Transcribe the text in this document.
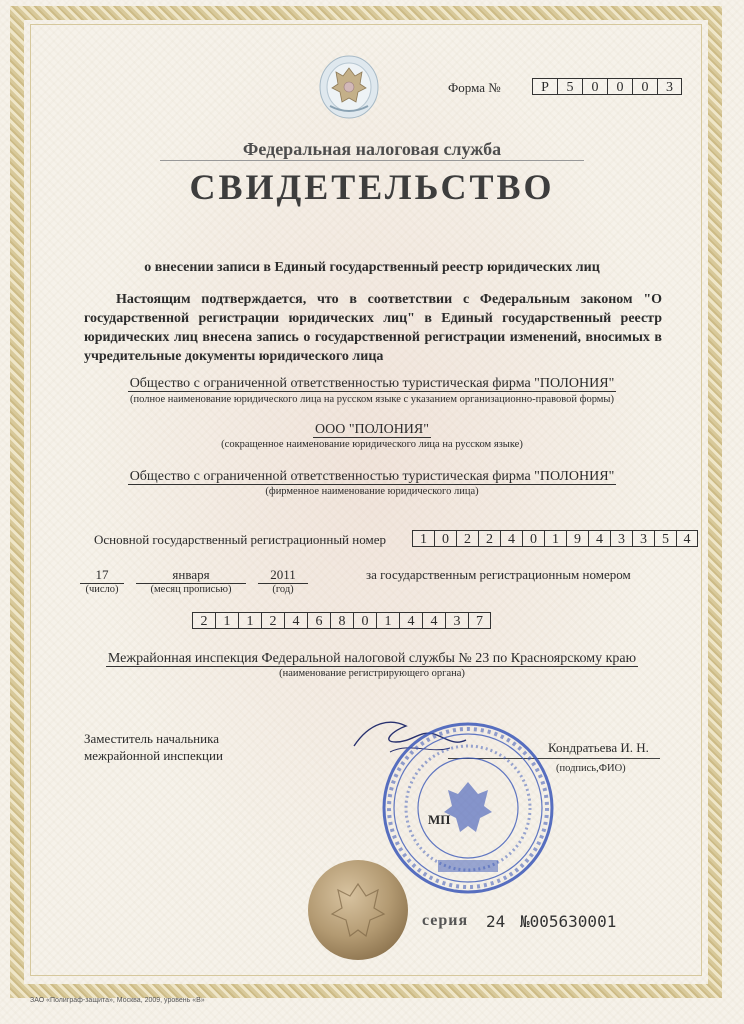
Форма №	Р	5	0	0	0	3
Федеральная налоговая служба
СВИДЕТЕЛЬСТВО
о внесении записи в Единый государственный реестр юридических лиц
Настоящим подтверждается, что в соответствии с Федеральным законом "О государственной регистрации юридических лиц" в Единый государственный реестр юридических лиц внесена запись о государственной регистрации изменений, вносимых в учредительные документы юридического лица
Общество с ограниченной ответственностью туристическая фирма "ПОЛОНИЯ"
(полное наименование юридического лица на русском языке с указанием организационно-правовой формы)
ООО "ПОЛОНИЯ"
(сокращенное наименование юридического лица на русском языке)
Общество с ограниченной ответственностью туристическая фирма "ПОЛОНИЯ"
(фирменное наименование юридического лица)
Основной государственный регистрационный номер	1	0	2	2	4	0	1	9	4	3	3	5	4
17
(число)
января
(месяц прописью)
2011
(год)
за государственным регистрационным номером
2	1	1	2	4	6	8	0	1	4	4	3	7
Межрайонная инспекция Федеральной налоговой службы № 23 по Красноярскому краю
(наименование регистрирующего органа)
Заместитель начальника
межрайонной инспекции
Кондратьева И. Н.
(подпись,ФИО)
МП
серия 24 №005630001
ЗАО «Полиграф-защита», Москва, 2009, уровень «В»
